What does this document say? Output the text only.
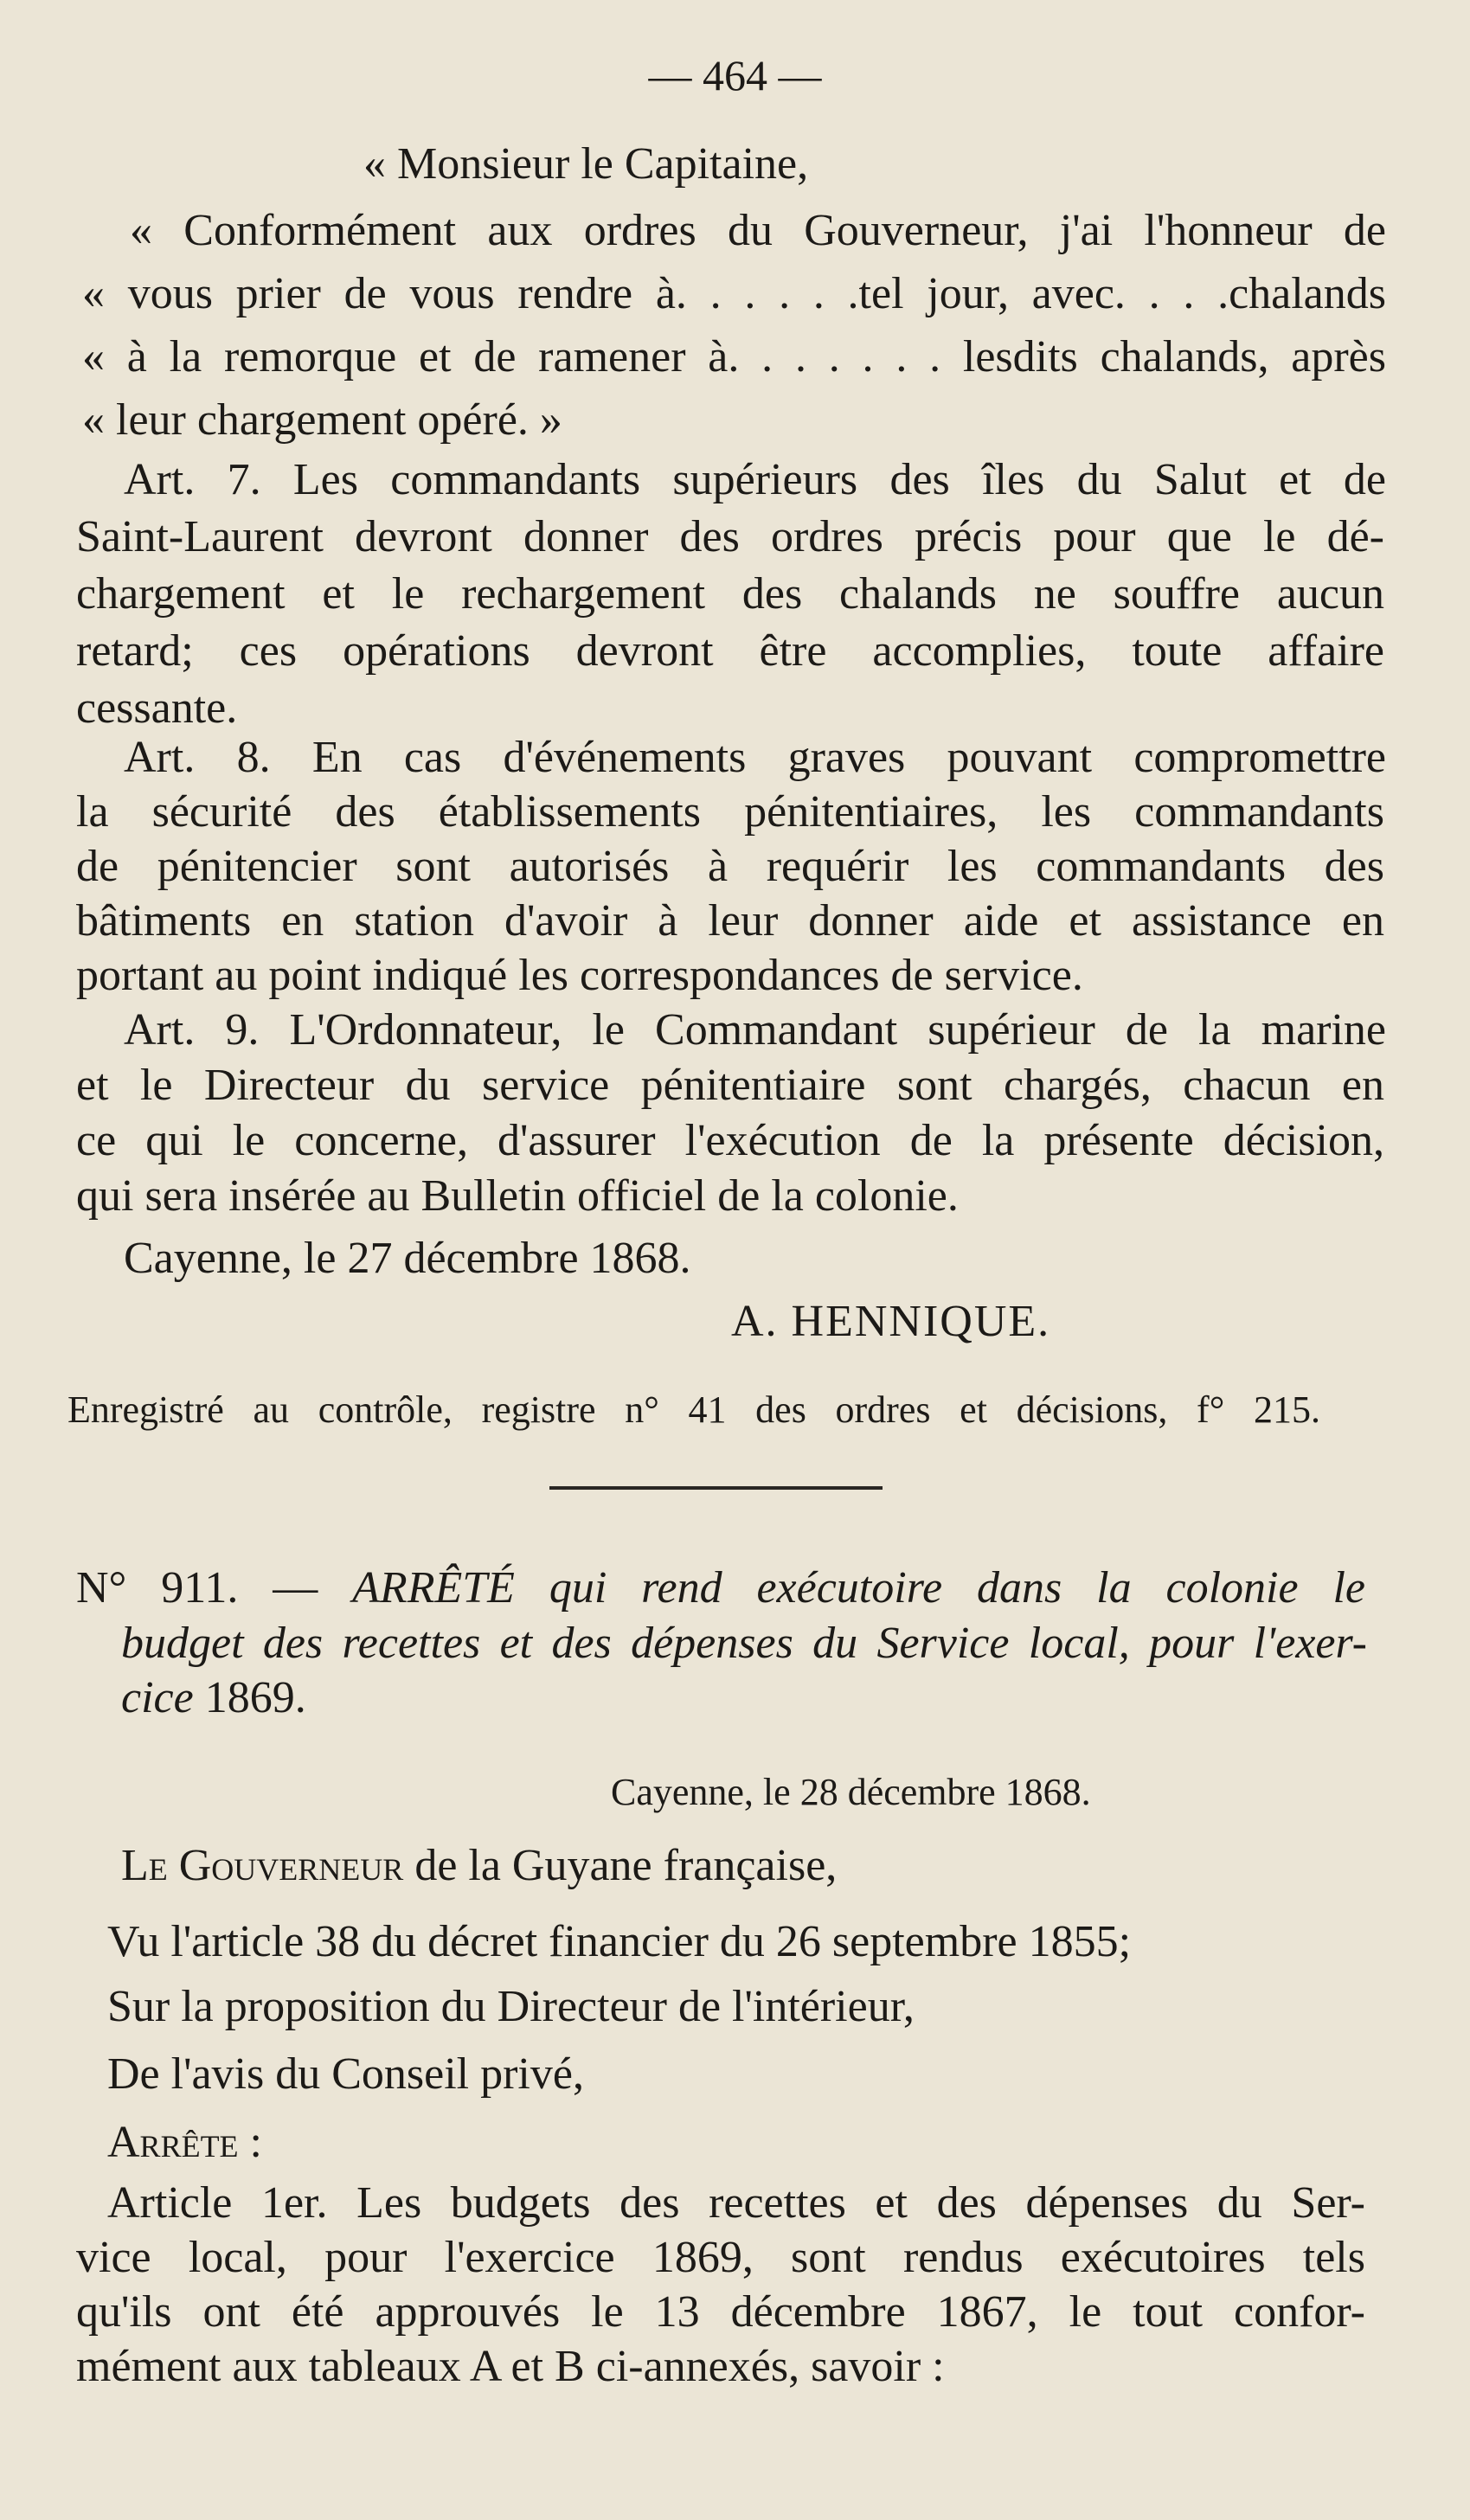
— 464 —
« Monsieur le Capitaine,
« Conformément aux ordres du Gouverneur, j'ai l'honneur de
« vous prier de vous rendre à. . . . . .tel jour, avec. . . .chalands
« à la remorque et de ramener à. . . . . . . lesdits chalands, après
« leur chargement opéré. »
Art. 7. Les commandants supérieurs des îles du Salut et de
Saint-Laurent devront donner des ordres précis pour que le dé-
chargement et le rechargement des chalands ne souffre aucun
retard; ces opérations devront être accomplies, toute affaire
cessante.
Art. 8. En cas d'événements graves pouvant compromettre
la sécurité des établissements pénitentiaires, les commandants
de pénitencier sont autorisés à requérir les commandants des
bâtiments en station d'avoir à leur donner aide et assistance en
portant au point indiqué les correspondances de service.
Art. 9. L'Ordonnateur, le Commandant supérieur de la marine
et le Directeur du service pénitentiaire sont chargés, chacun en
ce qui le concerne, d'assurer l'exécution de la présente décision,
qui sera insérée au Bulletin officiel de la colonie.
Cayenne, le 27 décembre 1868.
A. HENNIQUE.
Enregistré au contrôle, registre n° 41 des ordres et décisions, f° 215.
N° 911. — ARRÊTÉ qui rend exécutoire dans la colonie le
budget des recettes et des dépenses du Service local, pour l'exer-
cice 1869.
Cayenne, le 28 décembre 1868.
Le Gouverneur de la Guyane française,
Vu l'article 38 du décret financier du 26 septembre 1855;
Sur la proposition du Directeur de l'intérieur,
De l'avis du Conseil privé,
Arrête :
Article 1er. Les budgets des recettes et des dépenses du Ser-
vice local, pour l'exercice 1869, sont rendus exécutoires tels
qu'ils ont été approuvés le 13 décembre 1867, le tout confor-
mément aux tableaux A et B ci-annexés, savoir :
